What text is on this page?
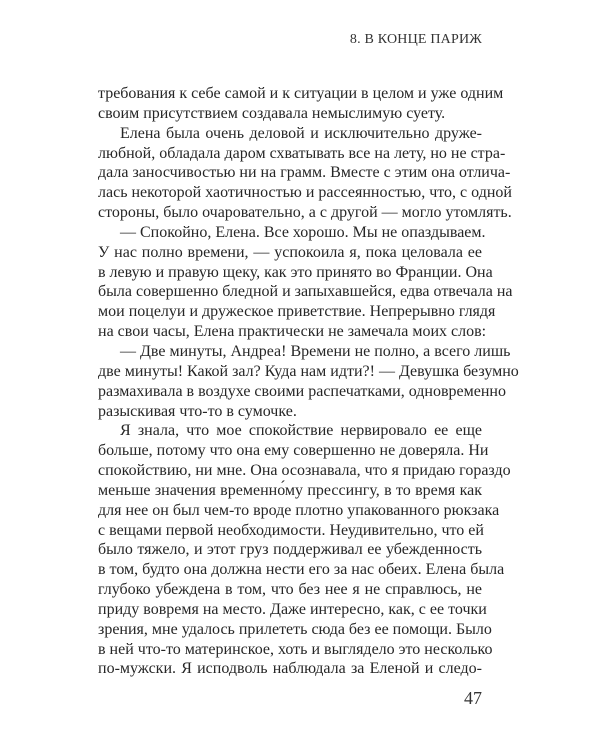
8. В КОНЦЕ ПАРИЖ
требования к себе самой и к ситуации в целом и уже одним
своим присутствием создавала немыслимую суету.
Елена была очень деловой и исключительно друже-
любной, обладала даром схватывать все на лету, но не стра-
дала заносчивостью ни на грамм. Вместе с этим она отлича-
лась некоторой хаотичностью и рассеянностью, что, с одной
стороны, было очаровательно, а с другой — могло утомлять.
— Спокойно, Елена. Все хорошо. Мы не опаздываем.
У нас полно времени, — успокоила я, пока целовала ее
в левую и правую щеку, как это принято во Франции. Она
была совершенно бледной и запыхавшейся, едва отвечала на
мои поцелуи и дружеское приветствие. Непрерывно глядя
на свои часы, Елена практически не замечала моих слов:
— Две минуты, Андреа! Времени не полно, а всего лишь
две минуты! Какой зал? Куда нам идти?! — Девушка безумно
размахивала в воздухе своими распечатками, одновременно
разыскивая что-то в сумочке.
Я знала, что мое спокойствие нервировало ее еще
больше, потому что она ему совершенно не доверяла. Ни
спокойствию, ни мне. Она осознавала, что я придаю гораздо
меньше значения временно́му прессингу, в то время как
для нее он был чем-то вроде плотно упакованного рюкзака
с вещами первой необходимости. Неудивительно, что ей
было тяжело, и этот груз поддерживал ее убежденность
в том, будто она должна нести его за нас обеих. Елена была
глубоко убеждена в том, что без нее я не справлюсь, не
приду вовремя на место. Даже интересно, как, с ее точки
зрения, мне удалось прилететь сюда без ее помощи. Было
в ней что-то материнское, хоть и выглядело это несколько
по-мужски. Я исподволь наблюдала за Еленой и следо-
47
